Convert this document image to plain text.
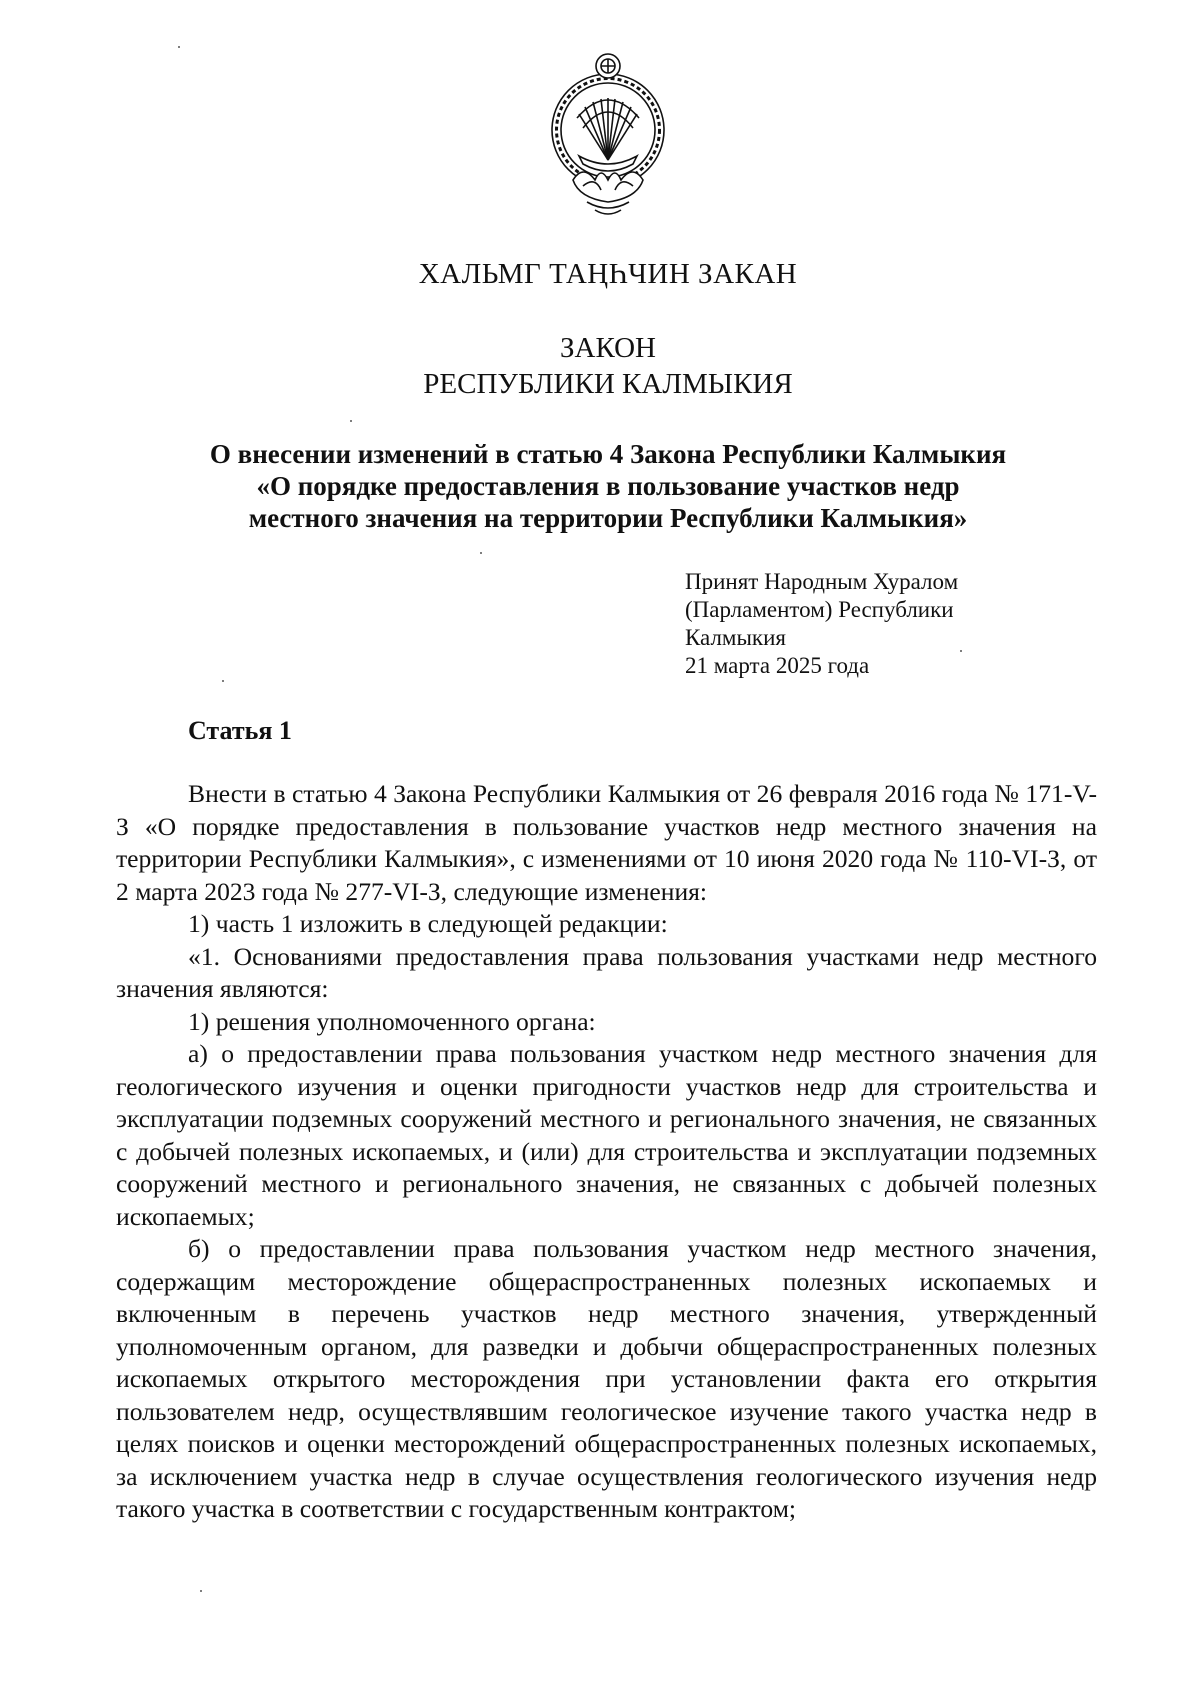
ХАЛЬМГ ТАҢҺЧИН ЗАКАН
ЗАКОН
РЕСПУБЛИКИ КАЛМЫКИЯ
О внесении изменений в статью 4 Закона Республики Калмыкия
«О порядке предоставления в пользование участков недр
местного значения на территории Республики Калмыкия»
Принят Народным Хуралом
(Парламентом) Республики
Калмыкия
21 марта 2025 года
Статья 1

Внести в статью 4 Закона Республики Калмыкия от 26 февраля 2016 года № 171-V-З «О порядке предоставления в пользование участков недр местного значения на территории Республики Калмыкия», с изменениями от 10 июня 2020 года № 110-VI-З, от 2 марта 2023 года № 277-VI-З, следующие изменения:

1) часть 1 изложить в следующей редакции:

«1. Основаниями предоставления права пользования участками недр местного значения являются:

1) решения уполномоченного органа:

а) о предоставлении права пользования участком недр местного значения для геологического изучения и оценки пригодности участков недр для строительства и эксплуатации подземных сооружений местного и регионального значения, не связанных с добычей полезных ископаемых, и (или) для строительства и эксплуатации подземных сооружений местного и регионального значения, не связанных с добычей полезных ископаемых;

б) о предоставлении права пользования участком недр местного значения, содержащим месторождение общераспространенных полезных ископаемых и включенным в перечень участков недр местного значения, утвержденный уполномоченным органом, для разведки и добычи общераспространенных полезных ископаемых открытого месторождения при установлении факта его открытия пользователем недр, осуществлявшим геологическое изучение такого участка недр в целях поисков и оценки месторождений общераспространенных полезных ископаемых, за исключением участка недр в случае осуществления геологического изучения недр такого участка в соответствии с государственным контрактом;
